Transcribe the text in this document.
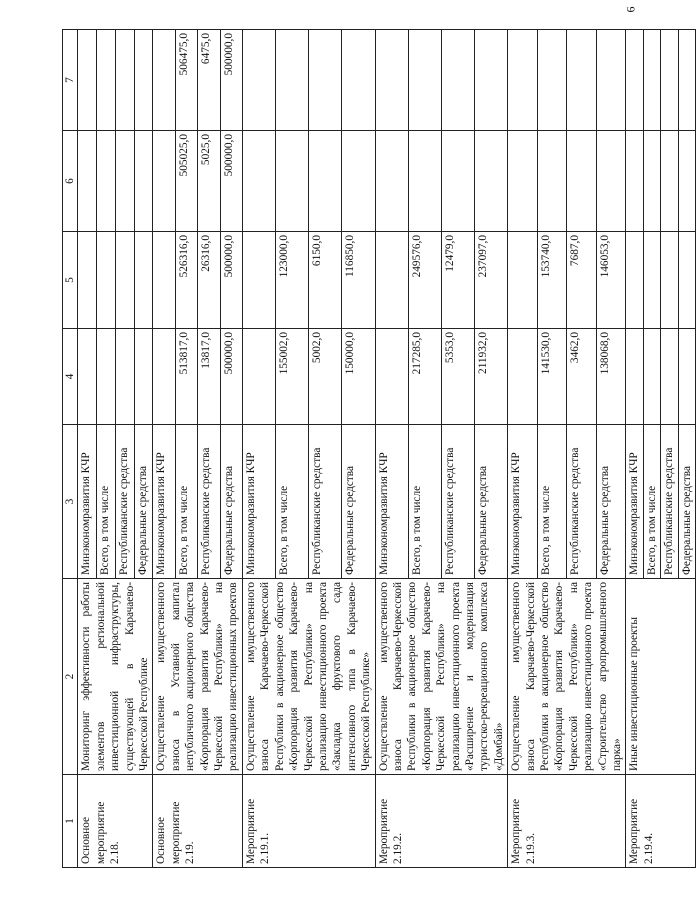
6
1	2	3	4	5	6	7
Основное мероприятие 2.18.	Мониторинг эффективности работы элементов региональной инвестиционной инфраструктуры, существующей в Карачаево-Черкесской Республике	Минэкономразвития КЧР				
		Всего, в том числе				
		Республиканские средства				
		Федеральные средства				
Основное мероприятие 2.19.	Осуществление имущественного взноса в Уставной капитал непубличного акционерного общества «Корпорация развития Карачаево-Черкесской Республики» на реализацию инвестиционных проектов	Минэкономразвития КЧР				
		Всего, в том числе	513817,0	526316,0	505025,0	506475,0
		Республиканские средства	13817,0	26316,0	5025,0	6475,0
		Федеральные средства	500000,0	500000,0	500000,0	500000,0
Мероприятие 2.19.1.	Осуществление имущественного взноса Карачаево-Черкесской Республики в акционерное общество «Корпорация развития Карачаево-Черкесской Республики» на реализацию инвестиционного проекта «Закладка фруктового сада интенсивного типа в Карачаево-Черкесской Республике»	Минэкономразвития КЧР				
		Всего, в том числе	155002,0	123000,0		
		Республиканские средства	5002,0	6150,0		
		Федеральные средства	150000,0	116850,0		
Мероприятие 2.19.2.	Осуществление имущественного взноса Карачаево-Черкесской Республики в акционерное общество «Корпорация развития Карачаево-Черкесской Республики» на реализацию инвестиционного проекта «Расширение и модернизация туристско-рекреационного комплекса «Домбай»	Минэкономразвития КЧР				
		Всего, в том числе	217285,0	249576,0		
		Республиканские средства	5353,0	12479,0		
		Федеральные средства	211932,0	237097,0		
Мероприятие 2.19.3.	Осуществление имущественного взноса Карачаево-Черкесской Республики в акционерное общество «Корпорация развития Карачаево-Черкесской Республики» на реализацию инвестиционного проекта «Строительство агропромышленного парка»	Минэкономразвития КЧР				
		Всего, в том числе	141530,0	153740,0		
		Республиканские средства	3462,0	7687,0		
		Федеральные средства	138068,0	146053,0		
Мероприятие 2.19.4.	Иные инвестиционные проекты	Минэкономразвития КЧР				
		Всего, в том числе				
		Республиканские средства				
		Федеральные средства				
